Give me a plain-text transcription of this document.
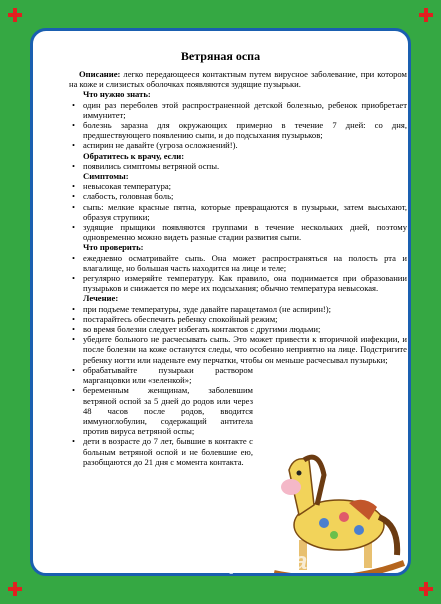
Ветряная оспа

Описание: легко передающееся контактным путем вирусное заболевание, при котором на коже и слизистых оболочках появляются зудящие пузырьки.

Что нужно знать:
• один раз переболев этой распространенной детской болезнью, ребенок приобретает иммунитет;
• болезнь заразна для окружающих примерно в течение 7 дней: со дня, предшествующего появлению сыпи, и до подсыхания пузырьков;
• аспирин не давайте (угроза осложнений!).
Обратитесь к врачу, если:
• появились симптомы ветряной оспы.
Симптомы:
• невысокая температура;
• слабость, головная боль;
• сыпь: мелкие красные пятна, которые превращаются в пузырьки, затем высыхают, образуя струпики;
• зудящие прыщики появляются группами в течение нескольких дней, поэтому одновременно можно видеть разные стадии развития сыпи.
Что проверить:
• ежедневно осматривайте сыпь. Она может распространяться на полость рта и влагалище, но большая часть находится на лице и теле;
• регулярно измеряйте температуру. Как правило, она поднимается при образовании пузырьков и снижается по мере их подсыхания; обычно температура невысокая.
Лечение:
• при подъеме температуры, зуде давайте парацетамол (не аспирин!);
• постарайтесь обеспечить ребенку спокойный режим;
• во время болезни следует избегать контактов с другими людьми;
• убедите больного не расчесывать сыпь. Это может привести к вторичной инфекции, и после болезни на коже останутся следы, что особенно неприятно на лице. Подстригите ребенку ногти или наденьте ему перчатки, чтобы он меньше расчесывал пузырьки;
• обрабатывайте пузырьки раствором марганцовки или «зеленкой»;
• беременным женщинам, заболевшим ветряной оспой за 5 дней до родов или через 48 часов после родов, вводится иммуноглобулин, содержащий антитела против вируса ветряной оспы;
• дети в возрасте до 7 лет, бывшие в контакте с больным ветряной оспой и не болевшие ею, разобщаются до 21 дня с момента контакта.
postila.ru
